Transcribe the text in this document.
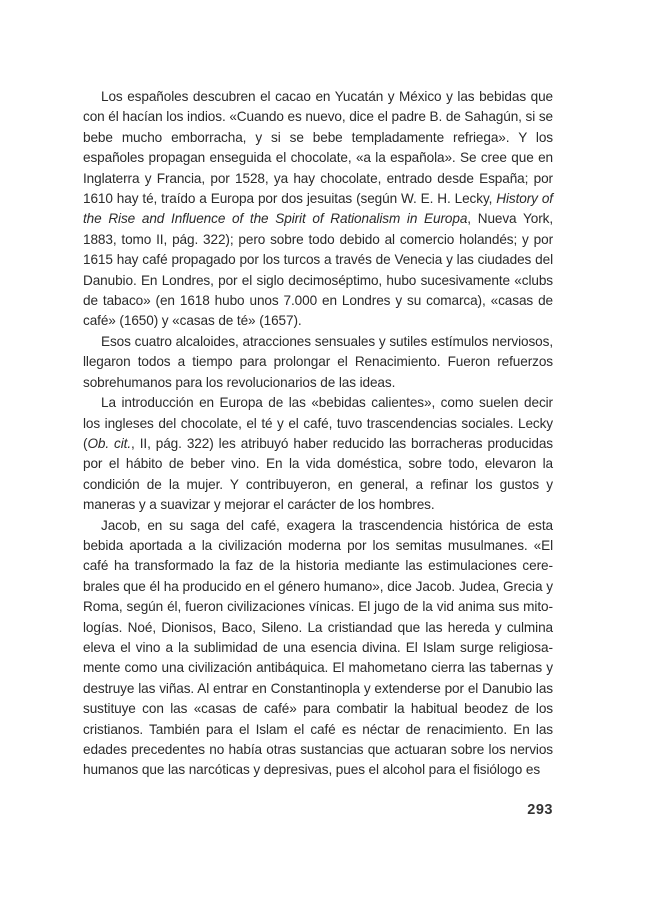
Los españoles descubren el cacao en Yucatán y México y las bebidas que con él hacían los indios. «Cuando es nuevo, dice el padre B. de Sahagún, si se bebe mucho emborracha, y si se bebe templadamente refriega». Y los españoles propagan enseguida el chocolate, «a la española». Se cree que en Inglaterra y Francia, por 1528, ya hay chocolate, entrado desde España; por 1610 hay té, traído a Europa por dos jesuitas (según W. E. H. Lecky, History of the Rise and Influence of the Spirit of Rationalism in Europa, Nueva York, 1883, tomo II, pág. 322); pero sobre todo debido al comercio holandés; y por 1615 hay café propagado por los turcos a través de Venecia y las ciudades del Danubio. En Londres, por el siglo decimoséptimo, hubo sucesivamente «clubs de tabaco» (en 1618 hubo unos 7.000 en Londres y su comarca), «casas de café» (1650) y «casas de té» (1657).

Esos cuatro alcaloides, atracciones sensuales y sutiles estímulos nerviosos, llegaron todos a tiempo para prolongar el Renacimiento. Fueron refuerzos sobrehumanos para los revolucionarios de las ideas.

La introducción en Europa de las «bebidas calientes», como suelen decir los ingleses del chocolate, el té y el café, tuvo trascendencias sociales. Lecky (Ob. cit., II, pág. 322) les atribuyó haber reducido las borracheras producidas por el hábito de beber vino. En la vida doméstica, sobre todo, elevaron la condición de la mujer. Y contribuyeron, en general, a refinar los gustos y maneras y a suavizar y mejorar el carácter de los hombres.

Jacob, en su saga del café, exagera la trascendencia histórica de esta bebida aportada a la civilización moderna por los semitas musulmanes. «El café ha transformado la faz de la historia mediante las estimulaciones cerebrales que él ha producido en el género humano», dice Jacob. Judea, Grecia y Roma, según él, fueron civilizaciones vínicas. El jugo de la vid anima sus mitologías. Noé, Dionisos, Baco, Sileno. La cristiandad que las hereda y culmina eleva el vino a la sublimidad de una esencia divina. El Islam surge religiosamente como una civilización antibáquica. El mahometano cierra las tabernas y destruye las viñas. Al entrar en Constantinopla y extenderse por el Danubio las sustituye con las «casas de café» para combatir la habitual beodez de los cristianos. También para el Islam el café es néctar de renacimiento. En las edades precedentes no había otras sustancias que actuaran sobre los nervios humanos que las narcóticas y depresivas, pues el alcohol para el fisiólogo es

293
